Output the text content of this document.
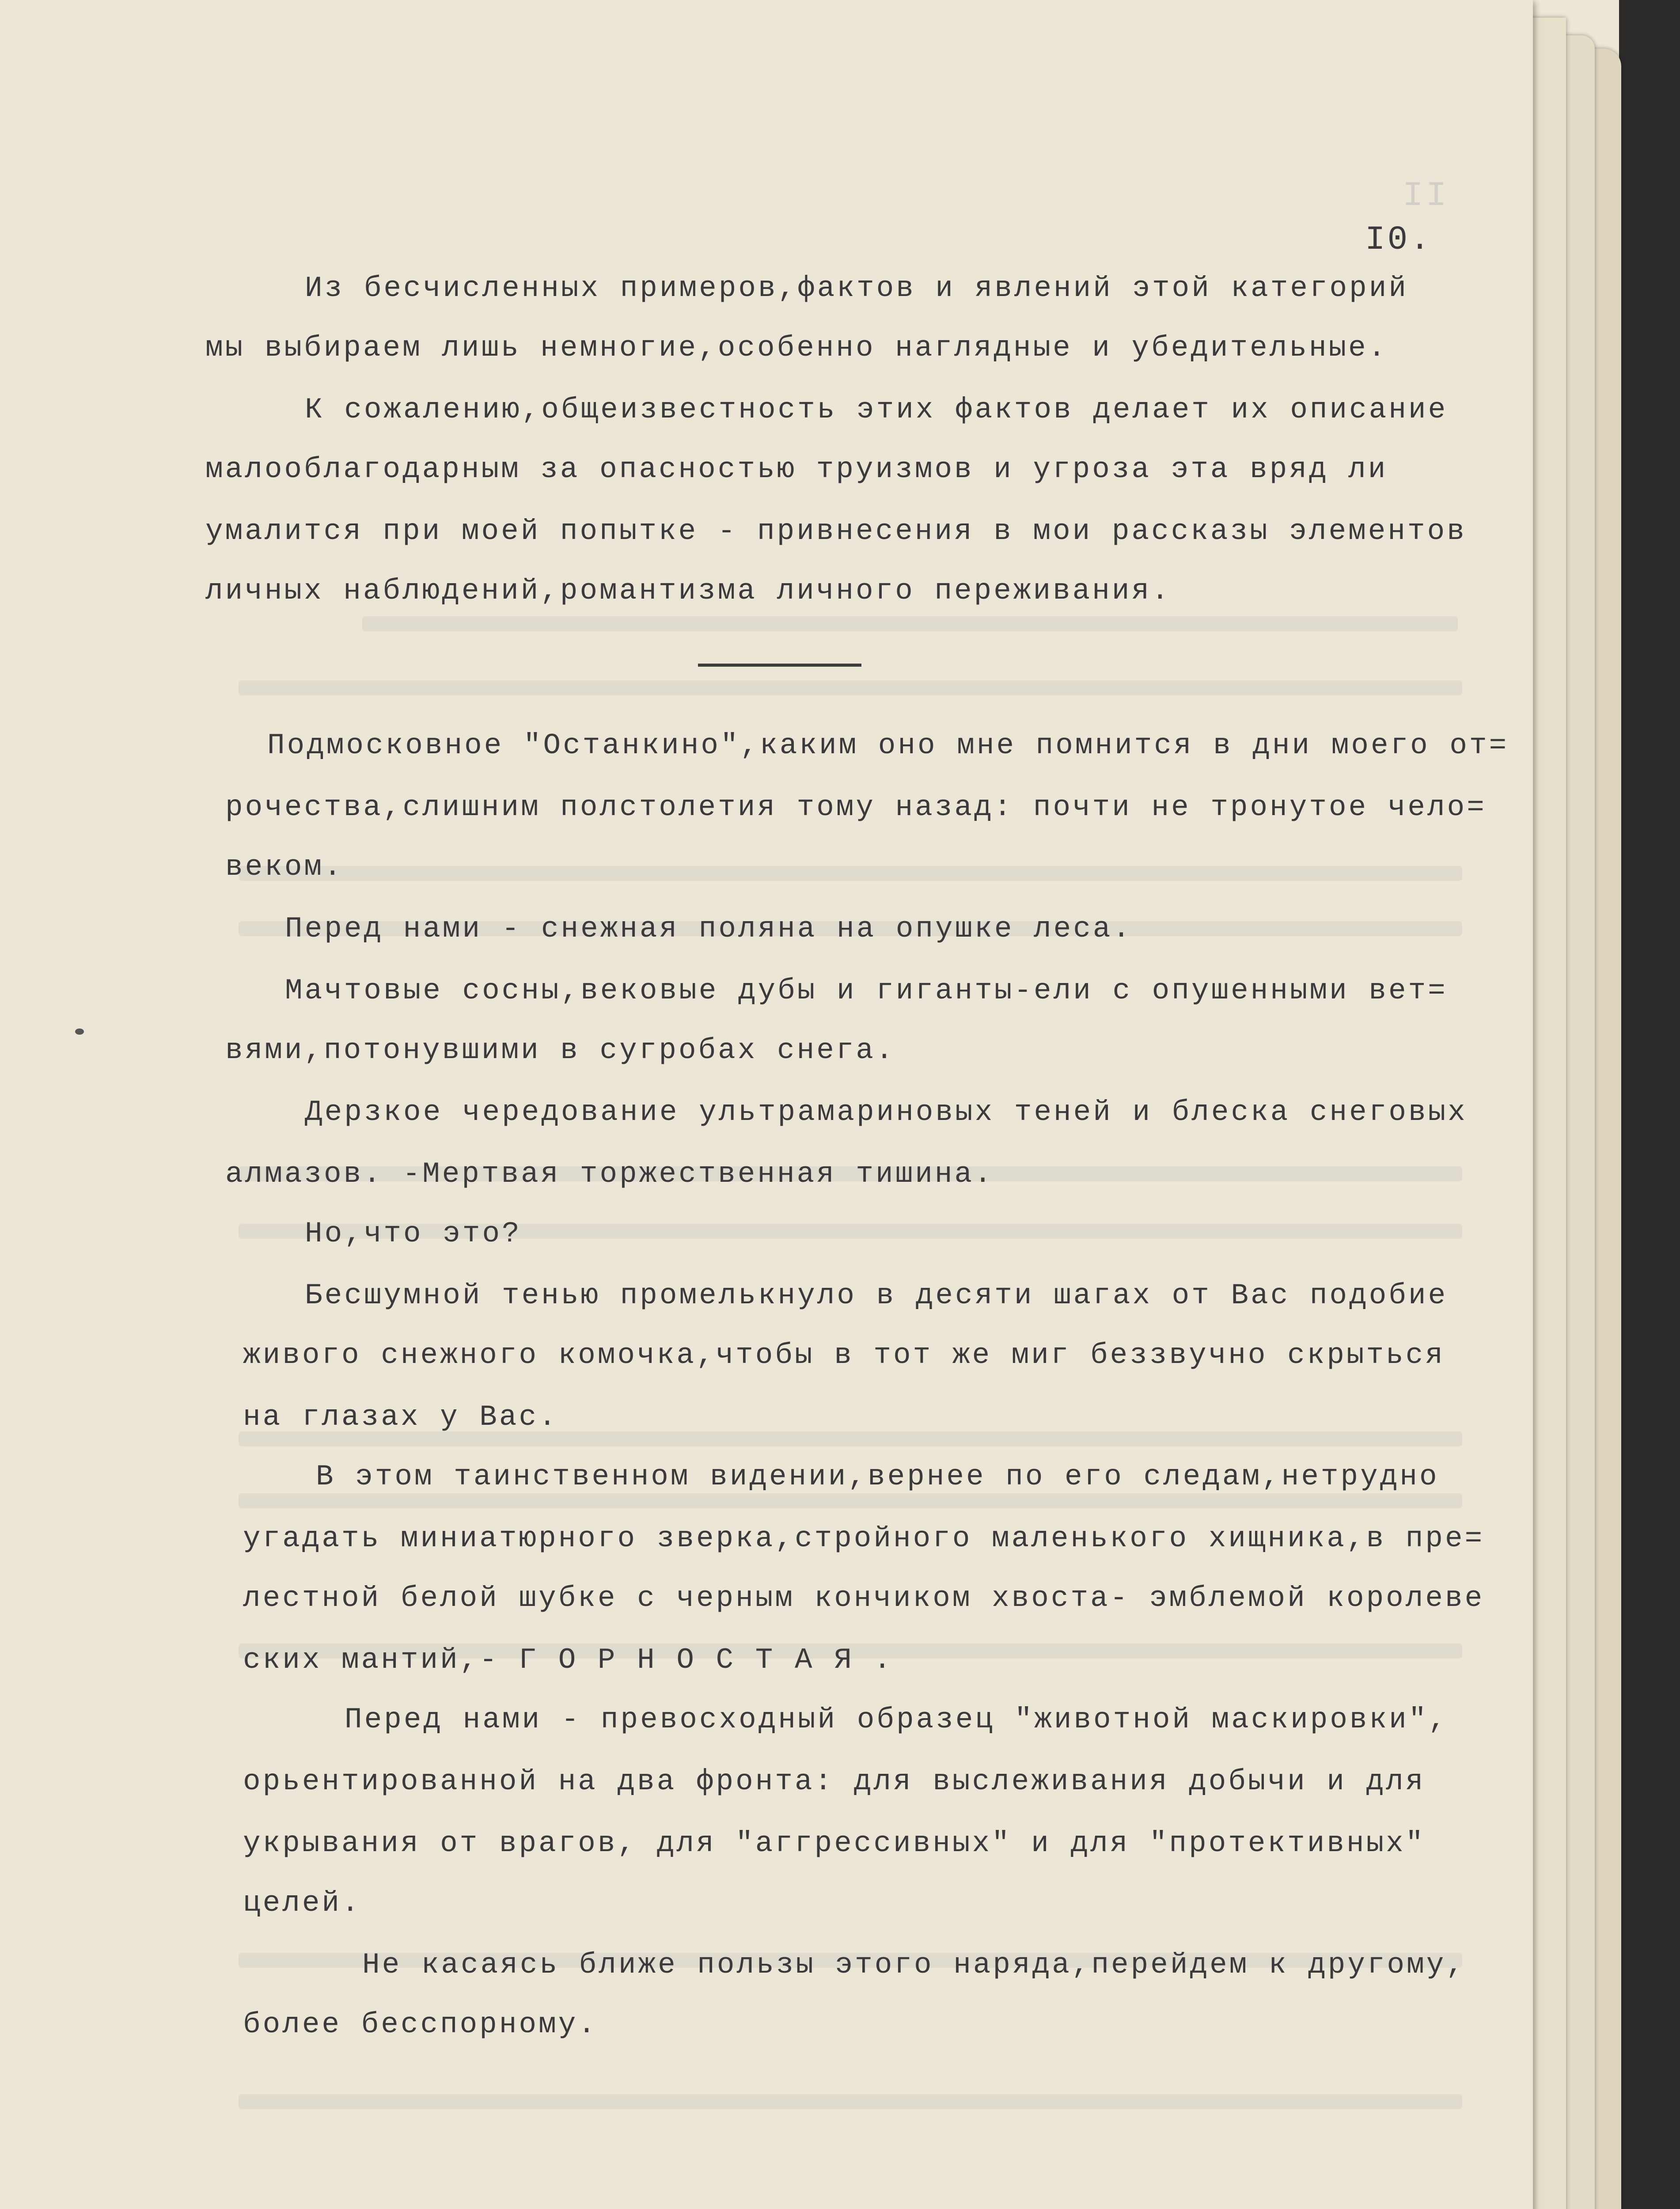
II
I0.
Из бесчисленных примеров,фактов и явлений этой категорий
мы выбираем лишь немногие,особенно наглядные и убедительные.
К сожалению,общеизвестность этих фактов делает их описание
малооблагодарным за опасностью труизмов и угроза эта вряд ли
умалится при моей попытке - привнесения в мои рассказы элементов
личных наблюдений,романтизма личного переживания.
Подмосковное "Останкино",каким оно мне помнится в дни моего от=
рочества,слишним полстолетия тому назад: почти не тронутое чело=
веком.
Перед нами - снежная поляна на опушке леса.
Мачтовые сосны,вековые дубы и гиганты-ели с опушенными вет=
вями,потонувшими в сугробах снега.
Дерзкое чередование ультрамариновых теней и блеска снеговых
алмазов. -Мертвая торжественная тишина.
Но,что это?
Бесшумной тенью промелькнуло в десяти шагах от Вас подобие
живого снежного комочка,чтобы в тот же миг беззвучно скрыться
на глазах у Вас.
В этом таинственном видении,вернее по его следам,нетрудно
угадать миниатюрного зверка,стройного маленького хищника,в пре=
лестной белой шубке с черным кончиком хвоста- эмблемой королеве
ских мантий,- Г О Р Н О С Т А Я .
Перед нами - превосходный образец "животной маскировки",
орьентированной на два фронта: для выслеживания добычи и для
укрывания от врагов, для "аггрессивных" и для "протективных"
целей.
Не касаясь ближе пользы этого наряда,перейдем к другому,
более бесспорному.
